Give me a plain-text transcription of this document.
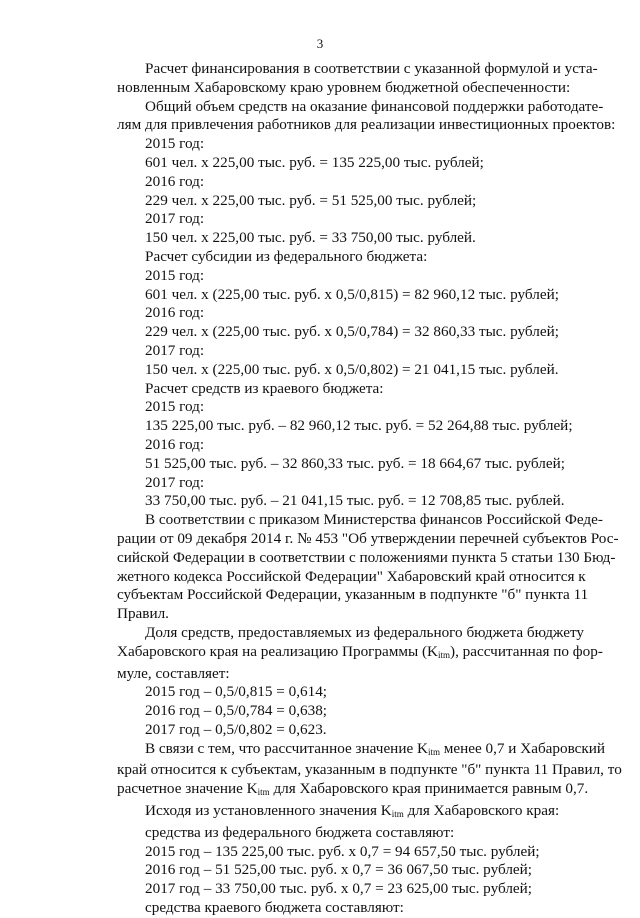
3
Расчет финансирования в соответствии с указанной формулой и уста-
новленным Хабаровскому краю уровнем бюджетной обеспеченности:
Общий объем средств на оказание финансовой поддержки работодате-
лям для привлечения работников для реализации инвестиционных проектов:
2015 год:
601 чел. х 225,00 тыс. руб. = 135 225,00 тыс. рублей;
2016 год:
229 чел. х 225,00 тыс. руб. = 51 525,00 тыс. рублей;
2017 год:
150 чел. х 225,00 тыс. руб. = 33 750,00 тыс. рублей.
Расчет субсидии из федерального бюджета:
2015 год:
601 чел. х (225,00 тыс. руб. х 0,5/0,815) = 82 960,12 тыс. рублей;
2016 год:
229 чел. х (225,00 тыс. руб. х 0,5/0,784) = 32 860,33 тыс. рублей;
2017 год:
150 чел. х (225,00 тыс. руб. х 0,5/0,802) = 21 041,15 тыс. рублей.
Расчет средств из краевого бюджета:
2015 год:
135 225,00 тыс. руб. – 82 960,12 тыс. руб. = 52 264,88 тыс. рублей;
2016 год:
51 525,00 тыс. руб. – 32 860,33 тыс. руб. = 18 664,67 тыс. рублей;
2017 год:
33 750,00 тыс. руб. – 21 041,15 тыс. руб. = 12 708,85 тыс. рублей.
В соответствии с приказом Министерства финансов Российской Феде-
рации от 09 декабря 2014 г. № 453 "Об утверждении перечней субъектов Рос-
сийской Федерации в соответствии с положениями пункта 5 статьи 130 Бюд-
жетного кодекса Российской Федерации" Хабаровский край относится к
субъектам Российской Федерации, указанным в подпункте "б" пункта 11
Правил.
Доля средств, предоставляемых из федерального бюджета бюджету
Хабаровского края на реализацию Программы $(K_{itm})$, рассчитанная по фор-
муле, составляет:
2015 год – 0,5/0,815 = 0,614;
2016 год – 0,5/0,784 = 0,638;
2017 год – 0,5/0,802 = 0,623.
В связи с тем, что рассчитанное значение $K_{itm}$ менее 0,7 и Хабаровский
край относится к субъектам, указанным в подпункте "б" пункта 11 Правил, то
расчетное значение $K_{itm}$ для Хабаровского края принимается равным 0,7.
Исходя из установленного значения $K_{itm}$ для Хабаровского края:
средства из федерального бюджета составляют:
2015 год – 135 225,00 тыс. руб. х 0,7 = 94 657,50 тыс. рублей;
2016 год – 51 525,00 тыс. руб. х 0,7 = 36 067,50 тыс. рублей;
2017 год – 33 750,00 тыс. руб. х 0,7 = 23 625,00 тыс. рублей;
средства краевого бюджета составляют:
